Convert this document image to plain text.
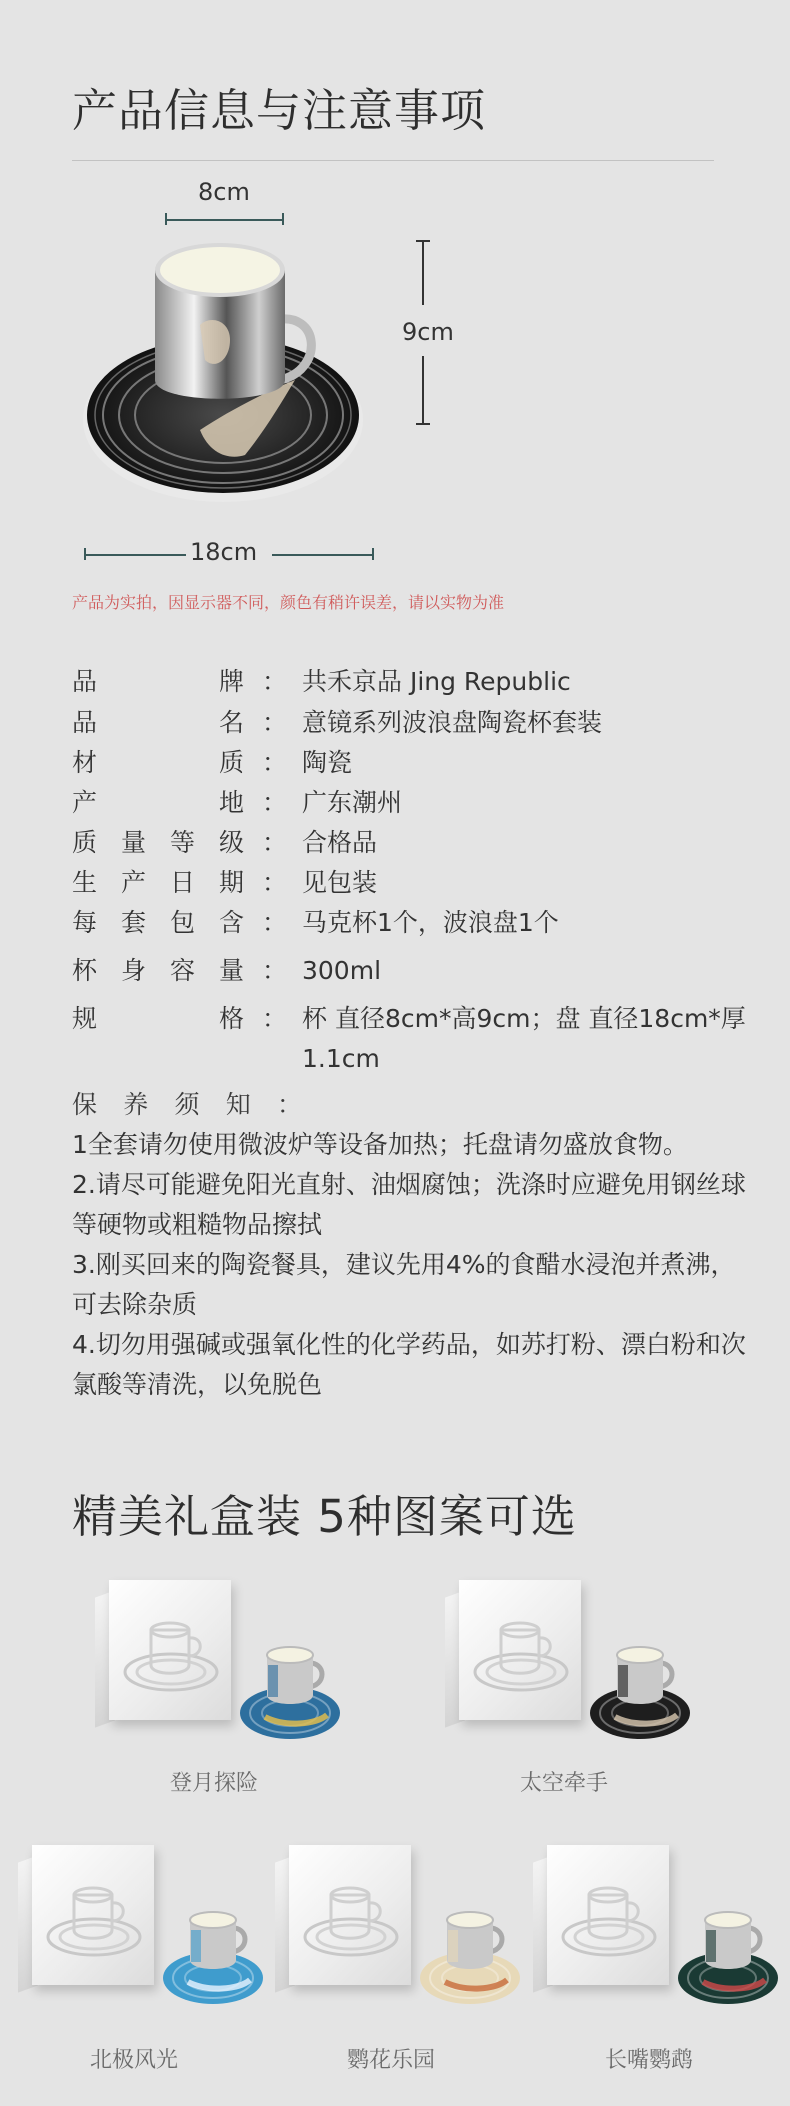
产品信息与注意事项
8cm
9cm
18cm
产品为实拍，因显示器不同，颜色有稍许误差，请以实物为准
品	牌 ： 共禾京品 Jing Republic
品	名 ： 意镜系列波浪盘陶瓷杯套装
材	质 ： 陶瓷
产	地 ： 广东潮州
质 量 等 级 ： 合格品
生 产 日 期 ： 见包装
每 套 包 含 ： 马克杯1个，波浪盘1个
杯 身 容 量 ： 300ml
规	格 ： 杯 直径8cm*高9cm；盘 直径18cm*厚1.1cm
保 养 须 知 ：
1全套请勿使用微波炉等设备加热；托盘请勿盛放食物。
2.请尽可能避免阳光直射、油烟腐蚀；洗涤时应避免用钢丝球等硬物或粗糙物品擦拭
3.刚买回来的陶瓷餐具，建议先用4%的食醋水浸泡并煮沸，可去除杂质
4.切勿用强碱或强氧化性的化学药品，如苏打粉、漂白粉和次氯酸等清洗，以免脱色
精美礼盒装 5种图案可选
登月探险	太空牵手
北极风光	鹦花乐园	长嘴鹦鹉
